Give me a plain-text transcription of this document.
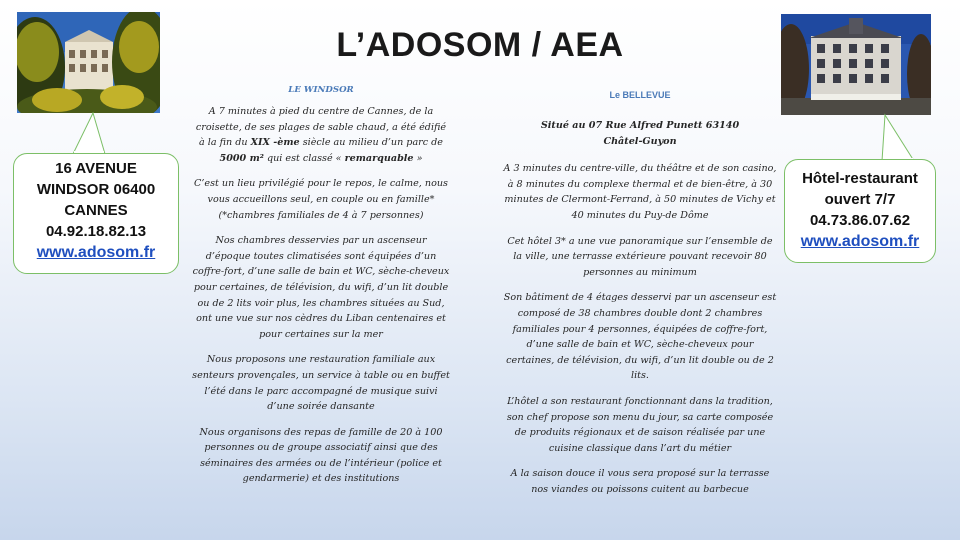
L’ADOSOM / AEA
16 AVENUE
WINDSOR 06400
CANNES
04.92.18.82.13
www.adosom.fr
Hôtel-restaurant
ouvert 7/7
04.73.86.07.62
www.adosom.fr
LE WINDSOR

A 7 minutes à pied du centre de Cannes, de la croisette, de ses plages de sable chaud, a été édifié à la fin du XIX -ème siècle au milieu d’un parc de 5000 m² qui est classé « remarquable »

C’est un lieu privilégié pour le repos, le calme, nous vous accueillons seul, en couple ou en famille*
(*chambres familiales de 4 à 7 personnes)

Nos chambres desservies par un ascenseur d’époque toutes climatisées sont équipées d’un coffre-fort, d’une salle de bain et WC, sèche-cheveux pour certaines, de télévision, du wifi, d’un lit double ou de 2 lits voir plus, les chambres situées au Sud, ont une vue sur nos cèdres du Liban centenaires et pour certaines sur la mer

Nous proposons une restauration familiale aux senteurs provençales, un service à table ou en buffet l’été dans le parc accompagné de musique suivi d’une soirée dansante

Nous organisons des repas de famille de 20 à 100 personnes ou de groupe associatif ainsi que des séminaires des armées ou de l’intérieur (police et gendarmerie) et des institutions

Le BELLEVUE

Situé au 07 Rue Alfred Punett 63140
Châtel-Guyon

A 3 minutes du centre-ville, du théâtre et de son casino, à 8 minutes du complexe thermal et de bien-être, à 30 minutes de Clermont-Ferrand, à 50 minutes de Vichy et 40 minutes du Puy-de Dôme

Cet hôtel 3* a une vue panoramique sur l’ensemble de la ville, une terrasse extérieure pouvant recevoir 80 personnes au minimum

Son bâtiment de 4 étages desservi par un ascenseur est composé de 38 chambres double dont 2 chambres familiales pour 4 personnes, équipées de coffre-fort, d’une salle de bain et WC, sèche-cheveux pour certaines, de télévision, du wifi, d’un lit double ou de 2 lits.

L’hôtel a son restaurant fonctionnant dans la tradition, son chef propose son menu du jour, sa carte composée de produits régionaux et de saison réalisée par une cuisine classique dans l’art du métier

A la saison douce il vous sera proposé sur la terrasse nos viandes ou poissons cuitent au barbecue
